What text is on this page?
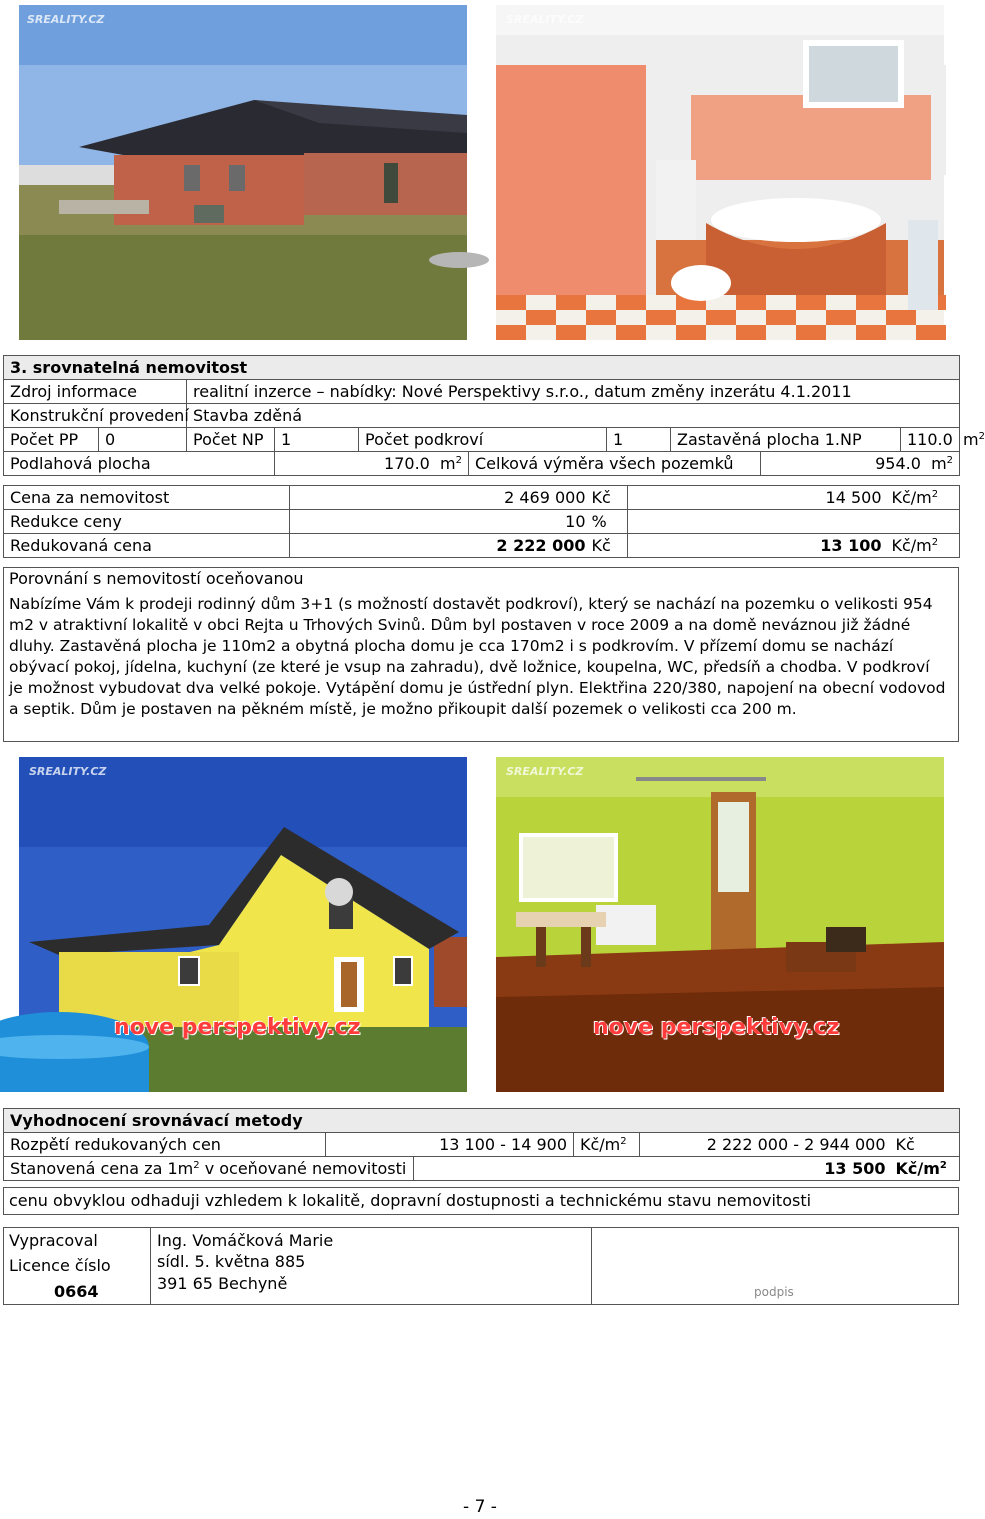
SREALITY.CZ	SREALITY.CZ
3. srovnatelná nemovitost									
Zdroj informace		realitní inzerce – nabídky: Nové Perspektivy s.r.o., datum změny inzerátu 4.1.2011							
Konstrukční provedení		Stavba zděná							
Počet PP	0	Počet NP	1	Počet podkroví		1	Zastavěná plocha 1.NP		110.0 $m^2$
Podlahová plocha			170.0 $m^2$		Celková výměra všech pozemků			954.0 $m^2$
Cena za nemovitost	2 469 000	Kč	14 500	$Kč/m^2$
Redukce ceny	10	%		
Redukovaná cena	2 222 000	Kč	13 100	$Kč/m^2$
Porovnání s nemovitostí oceňovanou
Nabízíme Vám k prodeji rodinný dům 3+1 (s možností dostavět podkroví), který se nachází na pozemku o velikosti 954
m2 v atraktivní lokalitě v obci Rejta u Trhových Svinů. Dům byl postaven v roce 2009 a na domě neváznou již žádné
dluhy. Zastavěná plocha je 110m2 a obytná plocha domu je cca 170m2 i s podkrovím. V přízemí domu se nachází
obývací pokoj, jídelna, kuchyní (ze které je vsup na zahradu), dvě ložnice, koupelna, WC, předsíň a chodba. V podkroví
je možnost vybudovat dva velké pokoje. Vytápění domu je ústřední plyn. Elektřina 220/380, napojení na obecní vodovod
a septik. Dům je postaven na pěkném místě, je možno přikoupit další pozemek o velikosti cca 200 m.
SREALITY.CZ
nove perspektivy.cz
SREALITY.CZ
nove perspektivy.cz
Vyhodnocení srovnávací metody					
Rozpětí redukovaných cen	13 100 - 14 900		$Kč/m^2$	2 222 000 - 2 944 000	Kč
Stanovená cena za $1m^2$ v oceňované nemovitosti		13 500			$Kč/m^2$
cenu obvyklou odhaduji vzhledem k lokalitě, dopravní dostupnosti a technickému stavu nemovitosti
Vypracoval
Licence číslo
0664
Ing. Vomáčková Marie
sídl. 5. května 885
391 65 Bechyně	podpis
- 7 -
